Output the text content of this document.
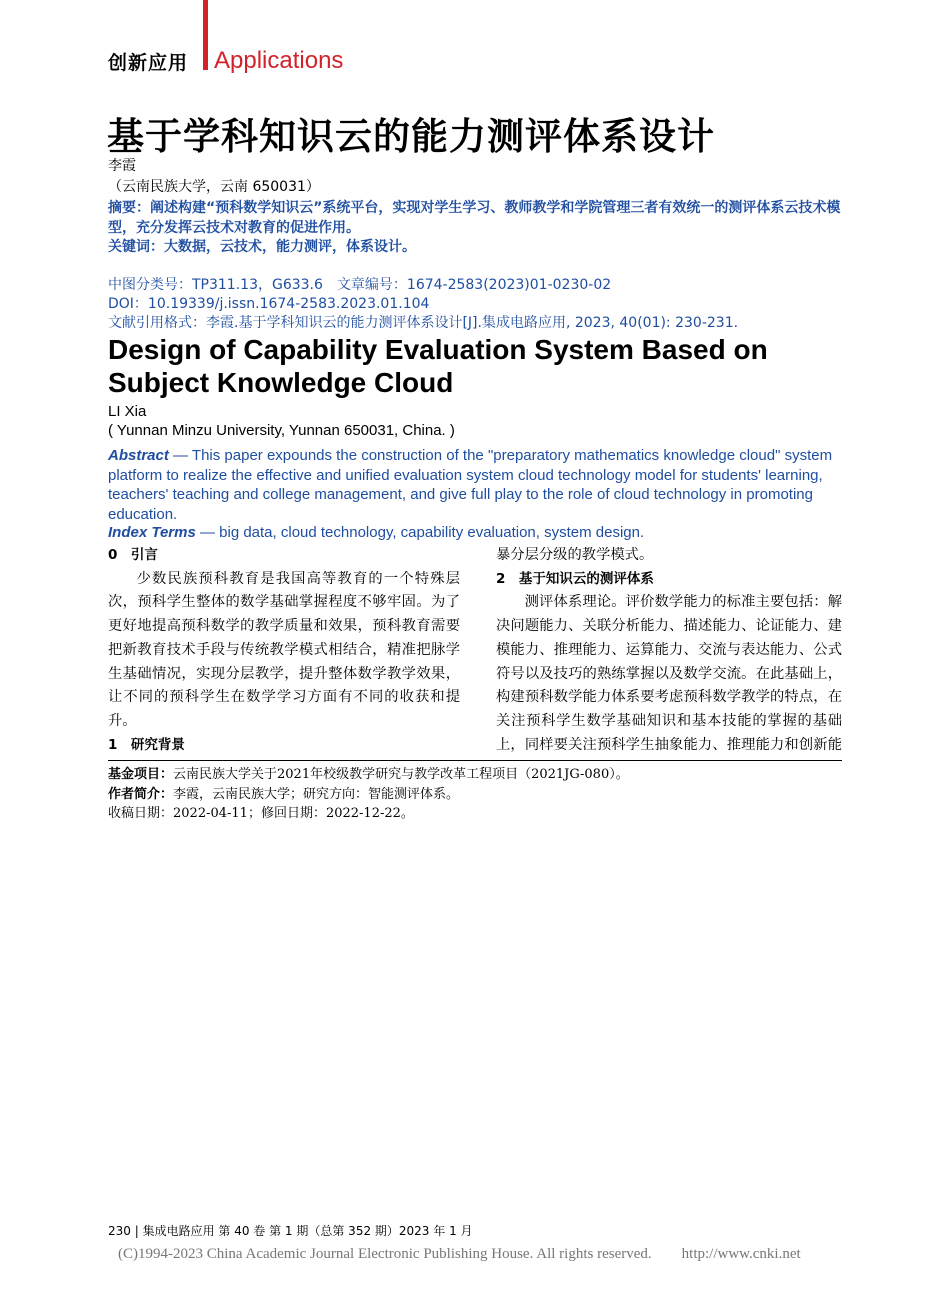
创新应用 Applications
基于学科知识云的能力测评体系设计
李霞
（云南民族大学，云南 650031）
摘要：阐述构建“预科数学知识云”系统平台，实现对学生学习、教师教学和学院管理三者有效统一的测评体系云技术模型，充分发挥云技术对教育的促进作用。
关键词：大数据，云技术，能力测评，体系设计。
中图分类号：TP311.13，G633.6　文章编号：1674-2583(2023)01-0230-02
DOI：10.19339/j.issn.1674-2583.2023.01.104
文献引用格式：李霞.基于学科知识云的能力测评体系设计[J].集成电路应用, 2023, 40(01): 230-231.
Design of Capability Evaluation System Based on Subject Knowledge Cloud
LI Xia
( Yunnan Minzu University, Yunnan 650031, China. )
Abstract — This paper expounds the construction of the "preparatory mathematics knowledge cloud" system platform to realize the effective and unified evaluation system cloud technology model for students' learning, teachers' teaching and college management, and give full play to the role of cloud technology in promoting education.
Index Terms — big data, cloud technology, capability evaluation, system design.
0　引言

少数民族预科教育是我国高等教育的一个特殊层次，预科学生整体的数学基础掌握程度不够牢固。为了更好地提高预科数学的教学质量和效果，预科教育需要把新教育技术手段与传统教学模式相结合，精准把脉学生基础情况，实现分层教学，提升整体数学教学效果，让不同的预科学生在数学学习方面有不同的收获和提升。

1　研究背景

暴分层分级的教学模式。

2　基于知识云的测评体系

测评体系理论。评价数学能力的标准主要包括：解决问题能力、关联分析能力、描述能力、论证能力、建模能力、推理能力、运算能力、交流与表达能力、公式符号以及技巧的熟练掌握以及数学交流。在此基础上，构建预科数学能力体系要考虑预科数学教学的特点，在关注预科学生数学基础知识和基本技能的掌握的基础上，同样要关注预科学生抽象能力、推理能力和创新能

基金项目：云南民族大学关于2021年校级教学研究与教学改革工程项目（2021JG-080）。
作者简介：李霞，云南民族大学；研究方向：智能测评体系。
收稿日期：2022-04-11；修回日期：2022-12-22。
230 | 集成电路应用 第 40 卷 第 1 期（总第 352 期）2023 年 1 月
(C)1994-2023 China Academic Journal Electronic Publishing House. All rights reserved.　　http://www.cnki.net
